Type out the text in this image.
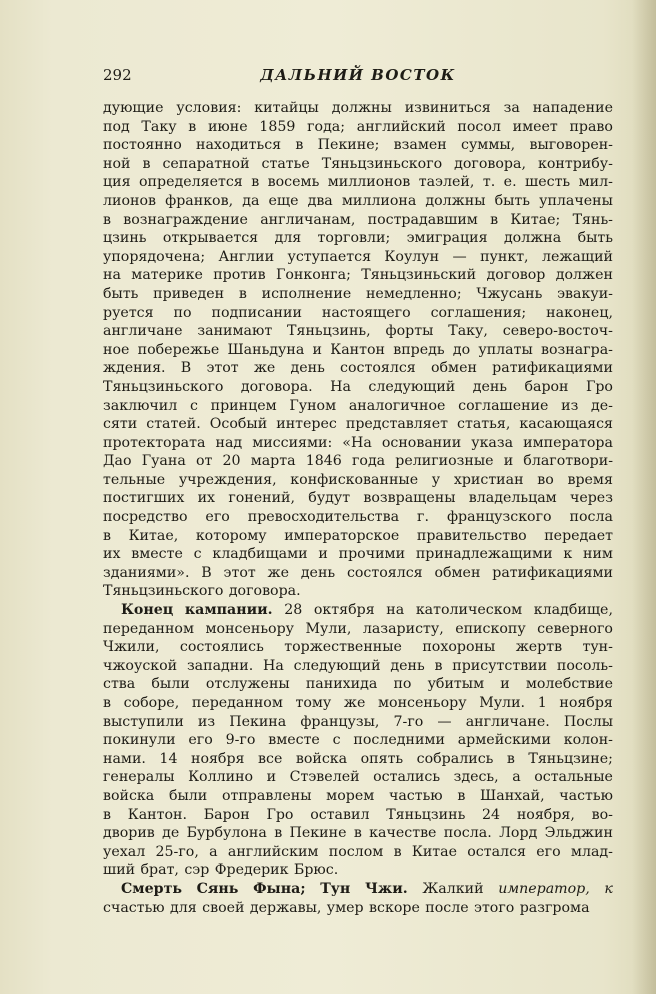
292	ДАЛЬНИЙ ВОСТОК
дующие условия: китайцы должны извиниться за нападение
под Таку в июне 1859 года; английский посол имеет право
постоянно находиться в Пекине; взамен суммы, выговорен-
ной в сепаратной статье Тяньцзиньского договора, контрибу-
ция определяется в восемь миллионов таэлей, т. е. шесть мил-
лионов франков, да еще два миллиона должны быть уплачены
в вознаграждение англичанам, пострадавшим в Китае; Тянь-
цзинь открывается для торговли; эмиграция должна быть
упорядочена; Англии уступается Коулун — пункт, лежащий
на материке против Гонконга; Тяньцзиньский договор должен
быть приведен в исполнение немедленно; Чжусань эвакуи-
руется по подписании настоящего соглашения; наконец,
англичане занимают Тяньцзинь, форты Таку, северо-восточ-
ное побережье Шаньдуна и Кантон впредь до уплаты вознагра-
ждения. В этот же день состоялся обмен ратификациями
Тяньцзиньского договора. На следующий день барон Гро
заключил с принцем Гуном аналогичное соглашение из де-
сяти статей. Особый интерес представляет статья, касающаяся
протектората над миссиями: «На основании указа императора
Дао Гуана от 20 марта 1846 года религиозные и благотвори-
тельные учреждения, конфискованные у христиан во время
постигших их гонений, будут возвращены владельцам через
посредство его превосходительства г. французского посла
в Китае, которому императорское правительство передает
их вместе с кладбищами и прочими принадлежащими к ним
зданиями». В этот же день состоялся обмен ратификациями
Тяньцзиньского договора.
Конец кампании. 28 октября на католическом кладбище,
переданном монсеньору Мули, лазаристу, епископу северного
Чжили, состоялись торжественные похороны жертв тун-
чжоуской западни. На следующий день в присутствии посоль-
ства были отслужены панихида по убитым и молебствие
в соборе, переданном тому же монсеньору Мули. 1 ноября
выступили из Пекина французы, 7-го — англичане. Послы
покинули его 9-го вместе с последними армейскими колон-
нами. 14 ноября все войска опять собрались в Тяньцзине;
генералы Коллино и Стэвелей остались здесь, а остальные
войска были отправлены морем частью в Шанхай, частью
в Кантон. Барон Гро оставил Тяньцзинь 24 ноября, во-
дворив де Бурбулона в Пекине в качестве посла. Лорд Эльджин
уехал 25-го, а английским послом в Китае остался его млад-
ший брат, сэр Фредерик Брюс.
Смерть Сянь Фына; Тун Чжи. Жалкий император, к
счастью для своей державы, умер вскоре после этого разгрома
